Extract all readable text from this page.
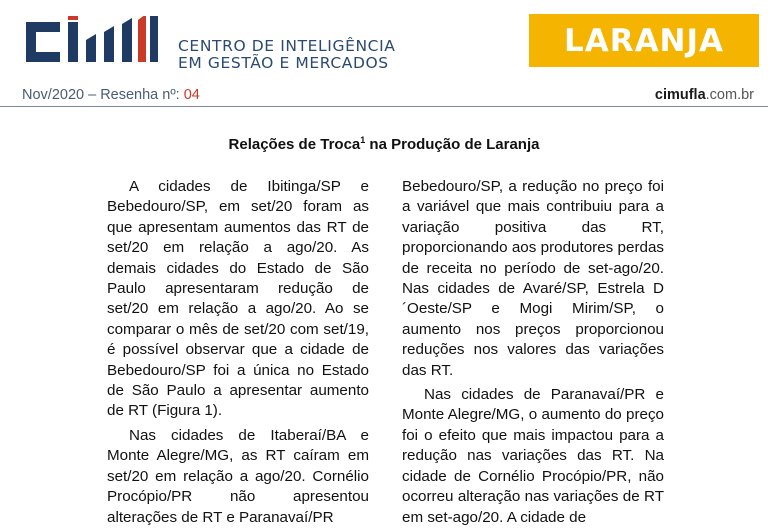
CENTRO DE INTELIGÊNCIA
EM GESTÃO E MERCADOS
LARANJA
Nov/2020 – Resenha nº: 04	cimufla.com.br
Relações de Troca$^1$ na Produção de Laranja

A cidades de Ibitinga/SP e Bebedouro/SP, em set/20 foram as que apresentam aumentos das RT de set/20 em relação a ago/20. As demais cidades do Estado de São Paulo apresentaram redução de set/20 em relação a ago/20. Ao se comparar o mês de set/20 com set/19, é possível observar que a cidade de Bebedouro/SP foi a única no Estado de São Paulo a apresentar aumento de RT (Figura 1).

Nas cidades de Itaberaí/BA e Monte Alegre/MG, as RT caíram em set/20 em relação a ago/20. Cornélio Procópio/PR não apresentou alterações de RT e Paranavaí/PR

Bebedouro/SP, a redução no preço foi a variável que mais contribuiu para a variação positiva das RT, proporcionando aos produtores perdas de receita no período de set-ago/20. Nas cidades de Avaré/SP, Estrela D´Oeste/SP e Mogi Mirim/SP, o aumento nos preços proporcionou reduções nos valores das variações das RT.

Nas cidades de Paranavaí/PR e Monte Alegre/MG, o aumento do preço foi o efeito que mais impactou para a redução nas variações das RT. Na cidade de Cornélio Procópio/PR, não ocorreu alteração nas variações de RT em set-ago/20. A cidade de
